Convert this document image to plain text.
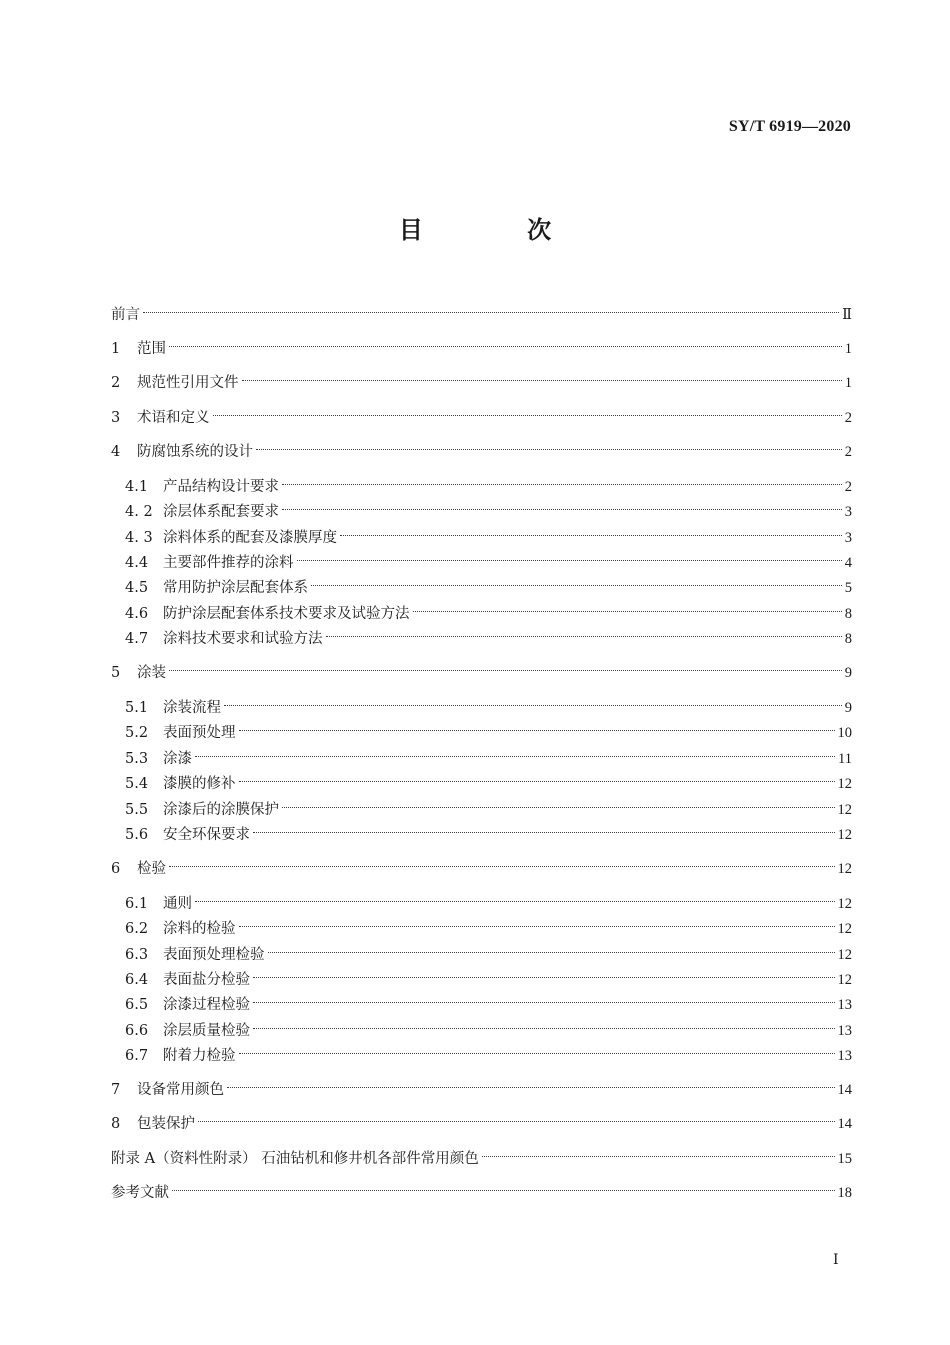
SY/T 6919—2020
目 次
前言	Ⅱ
1	范围	1
2	规范性引用文件	1
3	术语和定义	2
4	防腐蚀系统的设计	2
4.1	产品结构设计要求	2
4. 2 涂层体系配套要求	3
4. 3 涂料体系的配套及漆膜厚度	3
4.4	主要部件推荐的涂料	4
4.5	常用防护涂层配套体系	5
4.6	防护涂层配套体系技术要求及试验方法	8
4.7	涂料技术要求和试验方法	8
5	涂装	9
5.1	涂装流程	9
5.2	表面预处理	10
5.3	涂漆	11
5.4	漆膜的修补	12
5.5	涂漆后的涂膜保护	12
5.6	安全环保要求	12
6	检验	12
6.1	通则	12
6.2	涂料的检验	12
6.3	表面预处理检验	12
6.4	表面盐分检验	12
6.5	涂漆过程检验	13
6.6	涂层质量检验	13
6.7	附着力检验	13
7	设备常用颜色	14
8	包装保护	14
附录 A（资料性附录） 石油钻机和修井机各部件常用颜色	15
参考文献	18
Ⅰ
